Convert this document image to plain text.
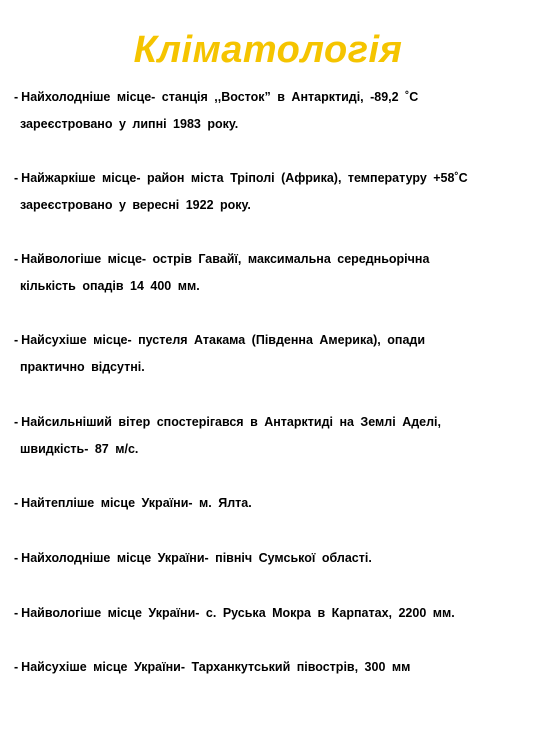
Кліматологія
- Найхолодніше місце- станція ,,Восток” в Антарктиді, -89,2 ˚С
зареєстровано у липні 1983 року.
- Найжаркіше місце- район міста Тріполі (Африка), температуру +58˚С
зареєстровано у вересні 1922 року.
- Найвологіше місце- острів Гавайї, максимальна середньорічна
кількість опадів 14 400 мм.
- Найсухіше місце- пустеля Атакама (Південна Америка), опади
практично відсутні.
- Найсильніший вітер спостерігався в Антарктиді на Землі Аделі,
швидкість- 87 м/с.
- Найтепліше місце України- м. Ялта.
- Найхолодніше місце України- північ Сумської області.
- Найвологіше місце України- с. Руська Мокра в Карпатах, 2200 мм.
- Найсухіше місце України- Тарханкутський півострів, 300 мм
